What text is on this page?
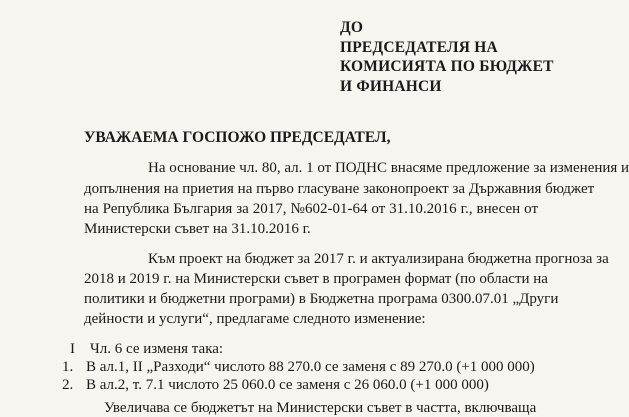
ДО
ПРЕДСЕДАТЕЛЯ НА
КОМИСИЯТА ПО БЮДЖЕТ
И ФИНАНСИ
УВАЖАЕМА ГОСПОЖО ПРЕДСЕДАТЕЛ,
На основание чл. 80, ал. 1 от ПОДНС внасяме предложение за изменения и
допълнения на приетия на първо гласуване законопроект за Държавния бюджет
на Република България за 2017, №602-01-64 от 31.10.2016 г., внесен от
Министерски съвет на 31.10.2016 г.
Към проект на бюджет за 2017 г. и актуализирана бюджетна прогноза за
2018 и 2019 г. на Министерски съвет в програмен формат (по области на
политики и бюджетни програми) в Бюджетна програма 0300.07.01 „Други
дейности и услуги“, предлагаме следното изменение:
I Чл. 6 се изменя така:
1. В ал.1, II „Разходи“ числото 88 270.0 се заменя с 89 270.0 (+1 000 000)
2. В ал.2, т. 7.1 числото 25 060.0 се заменя с 26 060.0 (+1 000 000)
Увеличава се бюджетът на Министерски съвет в частта, включваща
